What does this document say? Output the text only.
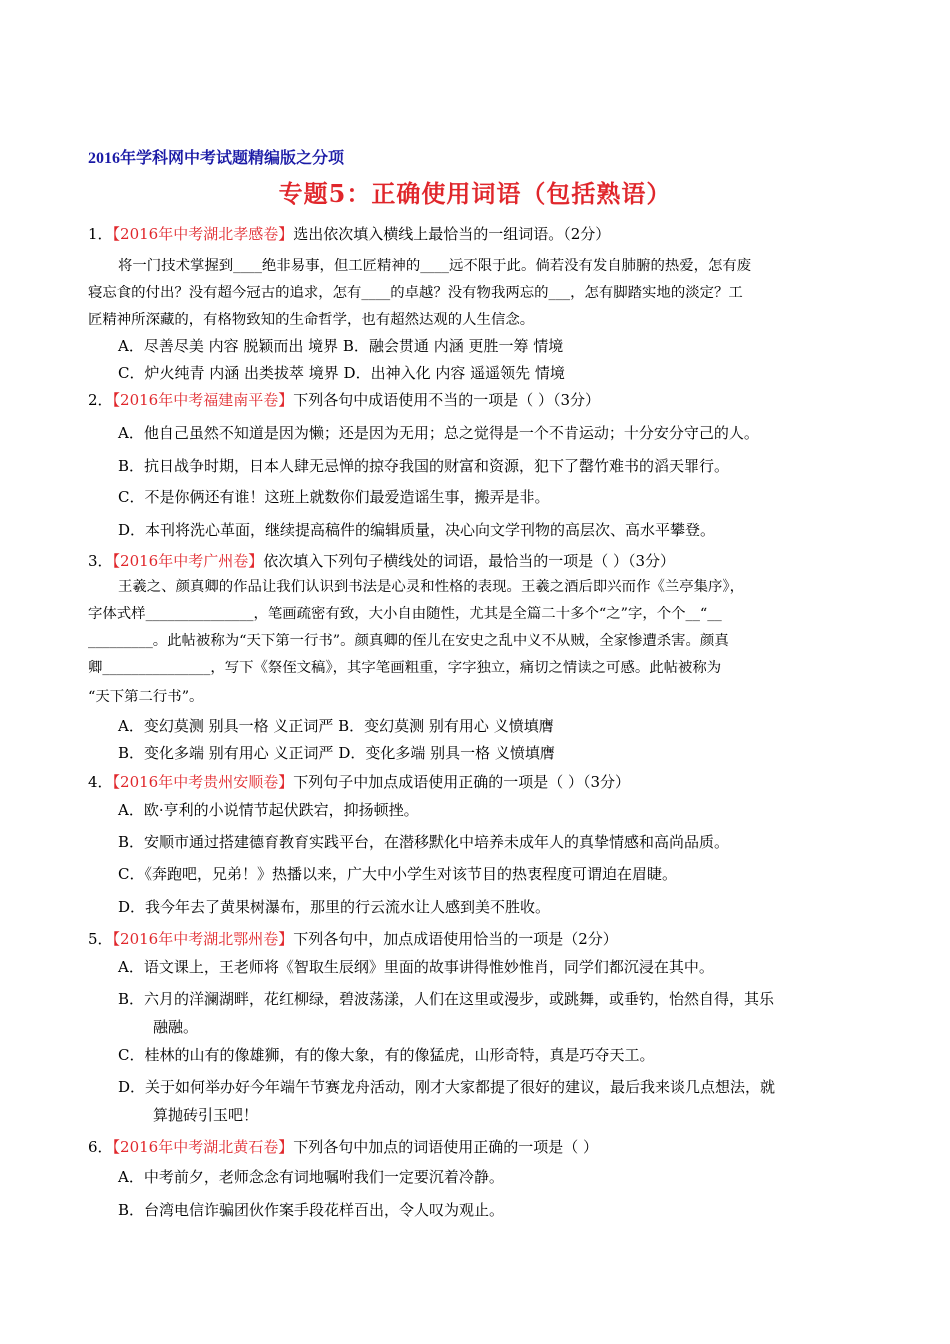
2016年学科网中考试题精编版之分项
专题5：正确使用词语（包括熟语）
1．【2016年中考湖北孝感卷】选出依次填入横线上最恰当的一组词语。（2分）
将一门技术掌握到____绝非易事，但工匠精神的____远不限于此。倘若没有发自肺腑的热爱，怎有废
寝忘食的付出？没有超今冠古的追求，怎有____的卓越？没有物我两忘的___，怎有脚踏实地的淡定？工
匠精神所深藏的，有格物致知的生命哲学，也有超然达观的人生信念。
A．尽善尽美 内容 脱颖而出 境界 B．融会贯通 内涵 更胜一筹 情境
C．炉火纯青 内涵 出类拔萃 境界 D．出神入化 内容 遥遥领先 情境
2．【2016年中考福建南平卷】下列各句中成语使用不当的一项是（ ）（3分）
A．他自己虽然不知道是因为懒；还是因为无用；总之觉得是一个不肯运动；十分安分守己的人。
B．抗日战争时期，日本人肆无忌惮的掠夺我国的财富和资源，犯下了罄竹难书的滔天罪行。
C．不是你俩还有谁！这班上就数你们最爱造谣生事，搬弄是非。
D．本刊将洗心革面，继续提高稿件的编辑质量，决心向文学刊物的高层次、高水平攀登。
3．【2016年中考广州卷】依次填入下列句子横线处的词语，最恰当的一项是（ ）（3分）
王羲之、颜真卿的作品让我们认识到书法是心灵和性格的表现。王羲之酒后即兴而作《兰亭集序》，
字体式样_______________，笔画疏密有致，大小自由随性，尤其是全篇二十多个“之”字，个个__“__
_________。此帖被称为“天下第一行书”。颜真卿的侄儿在安史之乱中义不从贼，全家惨遭杀害。颜真
卿_______________，写下《祭侄文稿》，其字笔画粗重，字字独立，痛切之情读之可感。此帖被称为
“天下第二行书”。
A．变幻莫测 别具一格 义正词严 B．变幻莫测 别有用心 义愤填膺
B．变化多端 别有用心 义正词严 D．变化多端 别具一格 义愤填膺
4．【2016年中考贵州安顺卷】下列句子中加点成语使用正确的一项是（ ）（3分）
A．欧·亨利的小说情节起伏跌宕，抑扬顿挫。
B．安顺市通过搭建德育教育实践平台，在潜移默化中培养未成年人的真挚情感和高尚品质。
C．《奔跑吧，兄弟！》热播以来，广大中小学生对该节目的热衷程度可谓迫在眉睫。
D．我今年去了黄果树瀑布，那里的行云流水让人感到美不胜收。
5．【2016年中考湖北鄂州卷】下列各句中，加点成语使用恰当的一项是（2分）
A．语文课上，王老师将《智取生辰纲》里面的故事讲得惟妙惟肖，同学们都沉浸在其中。
B．六月的洋澜湖畔，花红柳绿，碧波荡漾，人们在这里或漫步，或跳舞，或垂钓，怡然自得，其乐
融融。
C．桂林的山有的像雄狮，有的像大象，有的像猛虎，山形奇特，真是巧夺天工。
D．关于如何举办好今年端午节赛龙舟活动，刚才大家都提了很好的建议，最后我来谈几点想法，就
算抛砖引玉吧！
6．【2016年中考湖北黄石卷】下列各句中加点的词语使用正确的一项是（ ）
A．中考前夕，老师念念有词地嘱咐我们一定要沉着冷静。
B．台湾电信诈骗团伙作案手段花样百出，令人叹为观止。
